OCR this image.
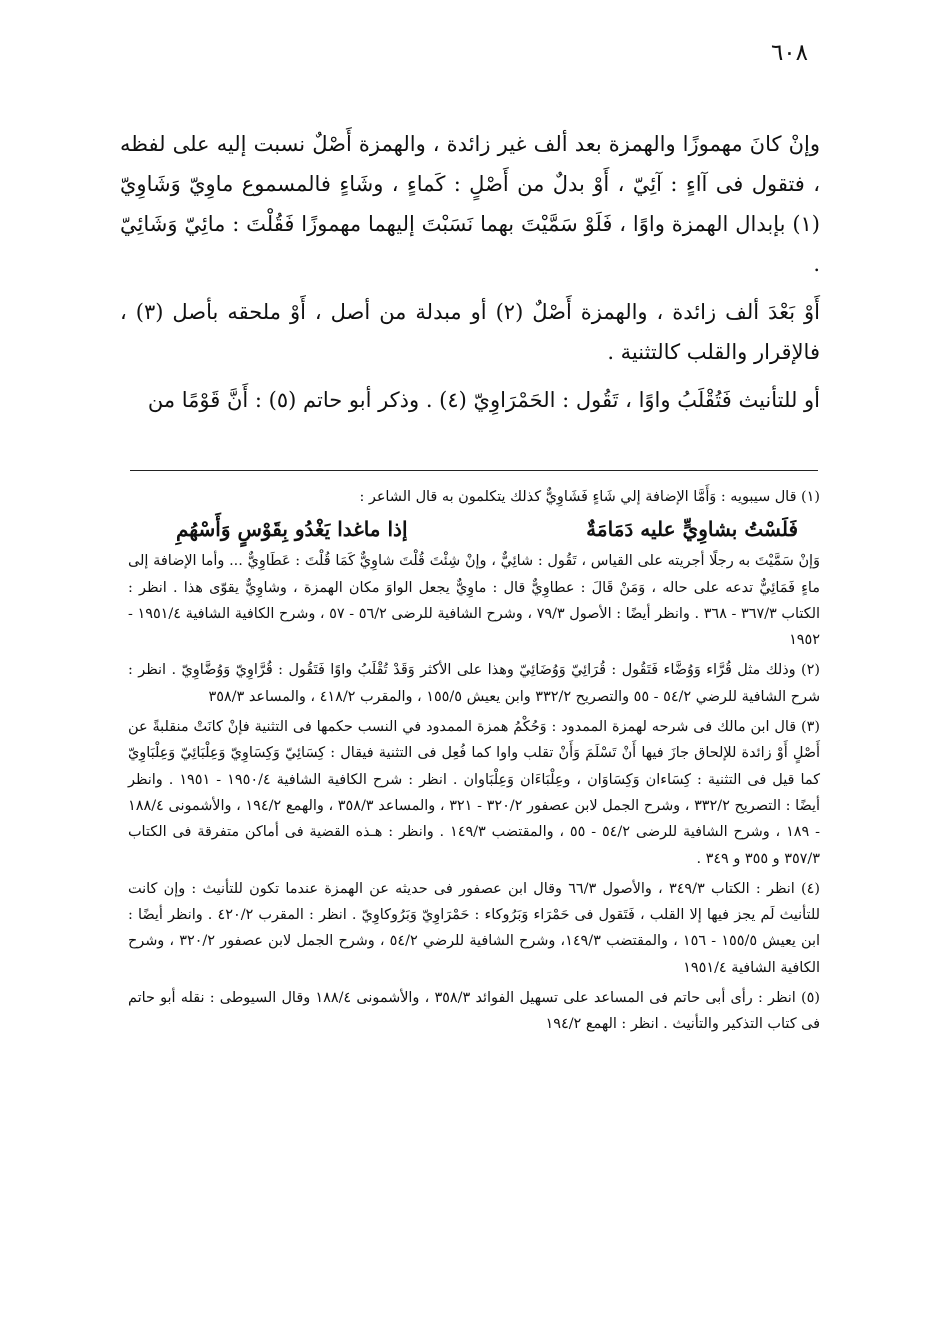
٦٠٨

وإنْ كانَ مهموزًا والهمزة بعد ألف غير زائدة ، والهمزة أَصْلٌ نسبت إليه على لفظه ، فتقول فى آاءٍ : آئِيّ ، أَوْ بدلٌ من أَصْلٍ : كَماءٍ ، وشَاءٍ فالمسموع ماوِيّ وَشَاوِيّ (١) بإبدال الهمزة واوًا ، فَلَوْ سَمَّيْتَ بهما نَسَبْتَ إليهما مهموزًا فَقُلْتَ : مائِيّ وَشَائِيّ .

أَوْ بَعْدَ ألف زائدة ، والهمزة أَصْلٌ (٢) أو مبدلة من أصل ، أَوْ ملحقه بأصل (٣) ، فالإقرار والقلب كالتثنية .

أو للتأنيث فَتُقْلَبُ واوًا ، تَقُول : الحَمْرَاوِيّ (٤) . وذكر أبو حاتم (٥) : أَنَّ قَوْمًا من

(١) قال سيبويه : وَأَمَّا الإضافة إلي شَاءٍ فَشَاوِيٌّ كذلك يتكلمون به قال الشاعر :
فَلَسْتُ بشاوِيٍّ عليه دَمَامَةٌ
إذا ماغدا يَغْدُو بِقَوْسٍ وَأَسْهُمِ
وَإنْ سَمَّيْتَ به رجلًا أجريته على القياس ، تَقُول : شائِيٌّ ، وإنْ شِئْتَ قُلْتَ شاوِيٌّ كَمَا قُلْتَ : عَطَاوِيٌّ ... وأما الإضافة إلى ماءٍ فَمَائِيٌّ تدعه على حاله ، وَمَنْ قَالَ : عطاوِيٌّ قال : ماوِيٌّ يجعل الواوَ مكان الهمزة ، وشاوِيٌّ يقوّى هذا . انظر : الكتاب ٣٦٧/٣ - ٣٦٨ . وانظر أيضًا : الأصول ٧٩/٣ ، وشرح الشافية للرضى ٥٦/٢ - ٥٧ ، وشرح الكافية الشافية ١٩٥١/٤ - ١٩٥٢
(٢) وذلك مثل قُرَّاء وَوُضَّاء فَتَقُول : قُرَائِيّ وَوُضَائِيّ وهذا على الأكثر وَقَدْ تُقْلَبُ واوًا فَتَقُول : قُرَّاوِيّ وَوُضَّاوِيّ . انظر : شرح الشافية للرضي ٥٤/٢ - ٥٥ والتصريح ٣٣٢/٢ وابن يعيش ١٥٥/٥ ، والمقرب ٤١٨/٢ ، والمساعد ٣٥٨/٣
(٣) قال ابن مالك فى شرحه لهمزة الممدود : وَحُكْمُ همزة الممدود في النسب حكمها فى التثنية فإنْ كانَتْ منقلبةً عن أَصْلٍ أَوْ زائدة للإلحاق جازَ فيها أَنْ تَسْلَمَ وَأَنْ تقلب واوا كما فُعِل فى التثنية فيقال : كِسَائِيّ وَكِسَاوِيّ وَعِلْبَائِيّ وَعِلْبَاوِيّ كما قيل فى التثنية : كِسَاءان وَكِسَاوَان ، وعِلْبَاءَان وَعِلْبَاوان . انظر : شرح الكافية الشافية ١٩٥٠/٤ - ١٩٥١ . وانظر أيضًا : التصريح ٣٣٢/٢ ، وشرح الجمل لابن عصفور ٣٢٠/٢ - ٣٢١ ، والمساعد ٣٥٨/٣ ، والهمع ١٩٤/٢ ، والأشمونى ١٨٨/٤ - ١٨٩ ، وشرح الشافية للرضى ٥٤/٢ - ٥٥ ، والمقتضب ١٤٩/٣ . وانظر : هـذه القضية فى أماكن متفرقة فى الكتاب ٣٥٧/٣ و ٣٥٥ و ٣٤٩ .
(٤) انظر : الكتاب ٣٤٩/٣ ، والأصول ٦٦/٣ وقال ابن عصفور فى حديثه عن الهمزة عندما تكون للتأنيث : وإن كانت للتأنيث لَم يجز فيها إلا القلب ، فَتَقول فى حَمْرَاء وَبَرُوكاء : حَمْرَاوِيّ وَبَرُوكاوِيّ . انظر : المقرب ٤٢٠/٢ . وانظر أيضًا : ابن يعيش ١٥٥/٥ - ١٥٦ ، والمقتضب ١٤٩/٣، وشرح الشافية للرضي ٥٤/٢ ، وشرح الجمل لابن عصفور ٣٢٠/٢ ، وشرح الكافية الشافية ١٩٥١/٤
(٥) انظر : رأى أبى حاتم فى المساعد على تسهيل الفوائد ٣٥٨/٣ ، والأشمونى ١٨٨/٤ وقال السيوطى : نقله أبو حاتم فى كتاب التذكير والتأنيث . انظر : الهمع ١٩٤/٢
